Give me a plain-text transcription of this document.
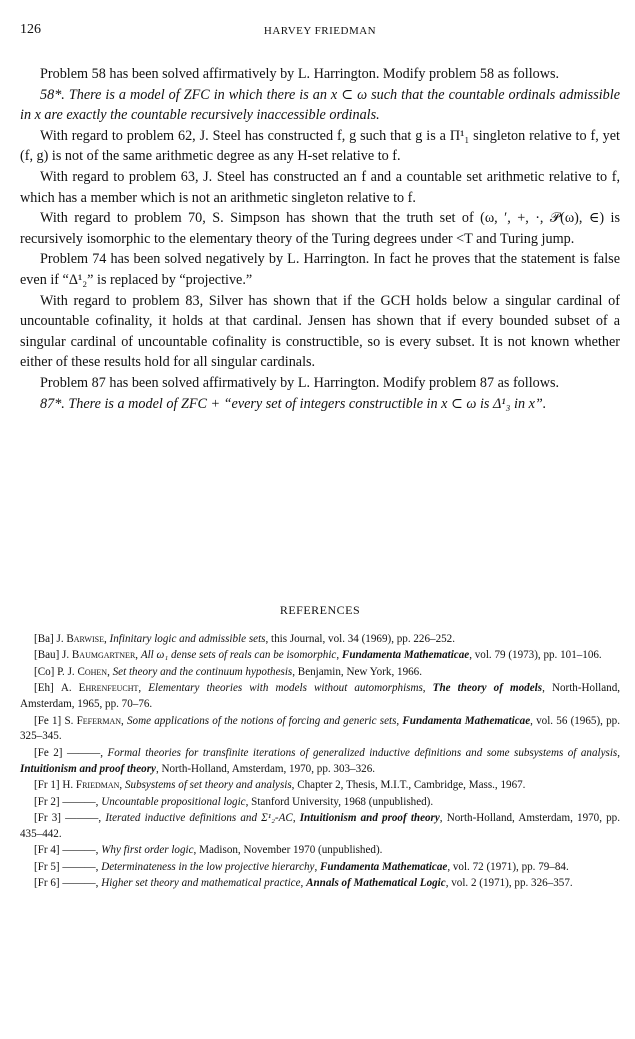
126	HARVEY FRIEDMAN

Problem 58 has been solved affirmatively by L. Harrington. Modify problem 58 as follows.

58*. There is a model of ZFC in which there is an x ⊂ ω such that the countable ordinals admissible in x are exactly the countable recursively inaccessible ordinals.

With regard to problem 62, J. Steel has constructed f, g such that g is a Π¹₁ singleton relative to f, yet (f, g) is not of the same arithmetic degree as any H-set relative to f.

With regard to problem 63, J. Steel has constructed an f and a countable set arithmetic relative to f, which has a member which is not an arithmetic singleton relative to f.

With regard to problem 70, S. Simpson has shown that the truth set of (ω, ′, +, ·, 𝒫(ω), ∈) is recursively isomorphic to the elementary theory of the Turing degrees under <T and Turing jump.

Problem 74 has been solved negatively by L. Harrington. In fact he proves that the statement is false even if “Δ¹₂” is replaced by “projective.”

With regard to problem 83, Silver has shown that if the GCH holds below a singular cardinal of uncountable cofinality, it holds at that cardinal. Jensen has shown that if every bounded subset of a singular cardinal of uncountable cofinality is constructible, so is every subset. It is not known whether either of these results hold for all singular cardinals.

Problem 87 has been solved affirmatively by L. Harrington. Modify problem 87 as follows.

87*. There is a model of ZFC + “every set of integers constructible in x ⊂ ω is Δ¹₃ in x”.

REFERENCES

[Ba] J. Barwise, Infinitary logic and admissible sets, this Journal, vol. 34 (1969), pp. 226–252.

[Bau] J. Baumgartner, All ω₁ dense sets of reals can be isomorphic, Fundamenta Mathematicae, vol. 79 (1973), pp. 101–106.

[Co] P. J. Cohen, Set theory and the continuum hypothesis, Benjamin, New York, 1966.

[Eh] A. Ehrenfeucht, Elementary theories with models without automorphisms, The theory of models, North-Holland, Amsterdam, 1965, pp. 70–76.

[Fe 1] S. Feferman, Some applications of the notions of forcing and generic sets, Fundamenta Mathematicae, vol. 56 (1965), pp. 325–345.

[Fe 2] ———, Formal theories for transfinite iterations of generalized inductive definitions and some subsystems of analysis, Intuitionism and proof theory, North-Holland, Amsterdam, 1970, pp. 303–326.

[Fr 1] H. Friedman, Subsystems of set theory and analysis, Chapter 2, Thesis, M.I.T., Cambridge, Mass., 1967.

[Fr 2] ———, Uncountable propositional logic, Stanford University, 1968 (unpublished).

[Fr 3] ———, Iterated inductive definitions and Σ¹₂-AC, Intuitionism and proof theory, North-Holland, Amsterdam, 1970, pp. 435–442.

[Fr 4] ———, Why first order logic, Madison, November 1970 (unpublished).

[Fr 5] ———, Determinateness in the low projective hierarchy, Fundamenta Mathematicae, vol. 72 (1971), pp. 79–84.

[Fr 6] ———, Higher set theory and mathematical practice, Annals of Mathematical Logic, vol. 2 (1971), pp. 326–357.
